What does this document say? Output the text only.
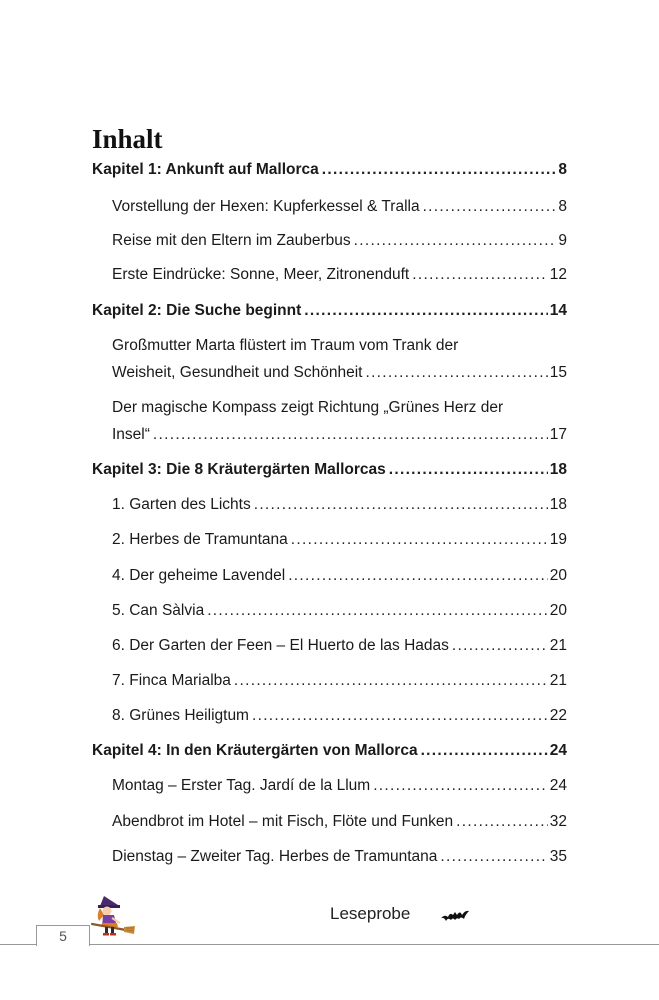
Inhalt
Kapitel 1: Ankunft auf Mallorca .....	8
Vorstellung der Hexen: Kupferkessel & Tralla .....	8
Reise mit den Eltern im Zauberbus .....	9
Erste Eindrücke: Sonne, Meer, Zitronenduft .....	12
Kapitel 2: Die Suche beginnt .....	14
Großmutter Marta flüstert im Traum vom Trank der
Weisheit, Gesundheit und Schönheit .....	15
Der magische Kompass zeigt Richtung „Grünes Herz der
Insel“ .....	17
Kapitel 3: Die 8 Kräutergärten Mallorcas .....	18
1. Garten des Lichts .....	18
2. Herbes de Tramuntana .....	19
4. Der geheime Lavendel .....	20
5. Can Sàlvia .....	20
6. Der Garten der Feen – El Huerto de las Hadas .....	21
7. Finca Marialba .....	21
8. Grünes Heiligtum .....	22
Kapitel 4: In den Kräutergärten von Mallorca .....	24
Montag – Erster Tag. Jardí de la Llum .....	24
Abendbrot im Hotel – mit Fisch, Flöte und Funken .....	32
Dienstag – Zweiter Tag. Herbes de Tramuntana .....	35
5
Leseprobe
